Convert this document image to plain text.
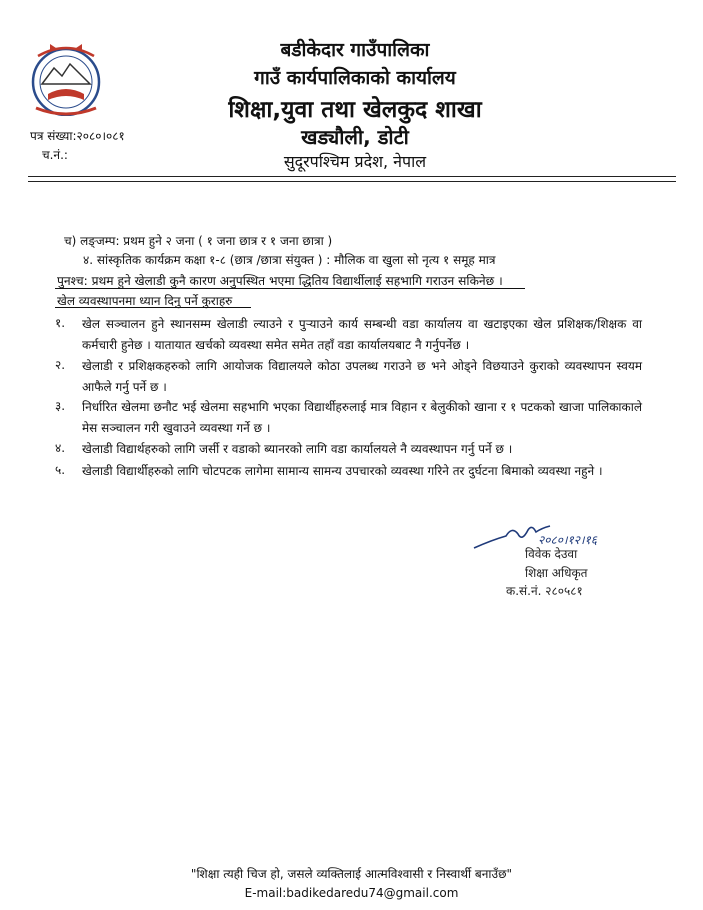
बडीकेदार गाउँपालिका
गाउँ कार्यपालिकाको कार्यालय
शिक्षा,युवा तथा खेलकुद शाखा
खड्यौली, डोटी
सुदूरपश्चिम प्रदेश, नेपाल
पत्र संख्या:२०८०।०८१
च.नं.:
च) लङ्जम्प: प्रथम हुने २ जना ( १ जना छात्र र १ जना छात्रा )
४. सांस्कृतिक कार्यक्रम कक्षा १-८ (छात्र /छात्रा संयुक्त ) : मौलिक वा खुला सो नृत्य १ समूह मात्र
पुनश्च: प्रथम हुने खेलाडी कुनै कारण अनुपस्थित भएमा द्धितिय विद्यार्थीलाई सहभागि गराउन सकिनेछ ।
खेल व्यवस्थापनमा ध्यान दिनु पर्ने कुराहरु
१.	खेल सञ्चालन हुने स्थानसम्म खेलाडी ल्याउने र पुऱ्याउने कार्य सम्बन्धी वडा कार्यालय वा खटाइएका खेल प्रशिक्षक/शिक्षक वा कर्मचारी हुनेछ । यातायात खर्चको व्यवस्था समेत समेत तहाँ वडा कार्यालयबाट नै गर्नुपर्नेछ ।
२.	खेलाडी र प्रशिक्षकहरुको लागि आयोजक विद्यालयले कोठा उपलब्ध गराउने छ भने ओड्ने विछयाउने कुराको व्यवस्थापन स्वयम आफैले गर्नु पर्ने छ ।
३.	निर्धारित खेलमा छनौट भई खेलमा सहभागि भएका विद्यार्थीहरुलाई मात्र विहान र बेलुकीको खाना र १ पटकको खाजा पालिकाकाले मेस सञ्चालन गरी खुवाउने व्यवस्था गर्ने छ ।
४.	खेलाडी विद्यार्थहरुको लागि जर्सी र वडाको ब्यानरको लागि वडा कार्यालयले नै व्यवस्थापन गर्नु पर्ने छ ।
५.	खेलाडी विद्यार्थीहरुको लागि चोटपटक लागेमा सामान्य सामन्य उपचारको व्यवस्था गरिने तर दुर्घटना बिमाको व्यवस्था नहुने ।
२०८०।१२।१६
विवेक देउवा
शिक्षा अधिकृत
क.सं.नं. २८०५८१
"शिक्षा त्यही चिज हो, जसले व्यक्तिलाई आत्मविश्वासी र निस्वार्थी बनाउँछ"
E-mail:badikedaredu74@gmail.com
